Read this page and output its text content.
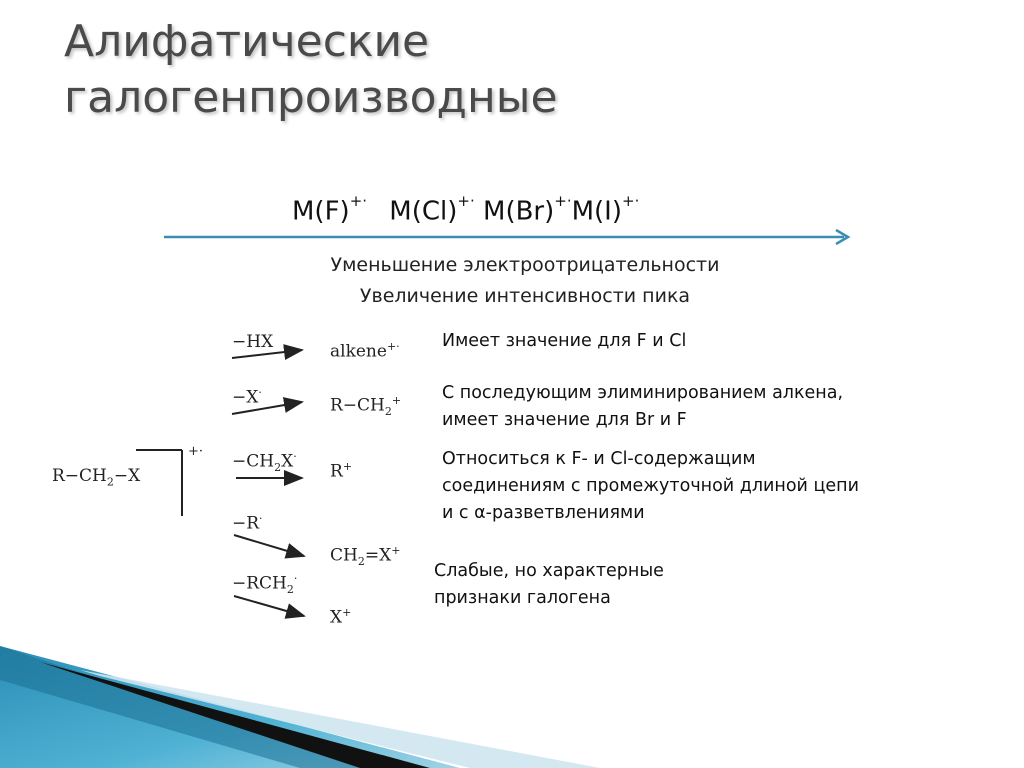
Алифатические
галогенпроизводные
M(F)+· M(Cl)+· M(Br)+·M(I)+·
Уменьшение электроотрицательности
Увеличение интенсивности пика
$R-CH_2-X$
+·
−HX
−X·
$-CH_2X^\cdot$
−R·
$-RCH_2^\cdot$
alkene+·
$R-CH_2^+$
R+
$CH_2=X^+$
X+
Имеет значение для F и Cl
С последующим элиминированием алкена,
имеет значение для Br и F
Относиться к F- и Cl-содержащим
соединениям с промежуточной длиной цепи
и с α-разветвлениями
Слабые, но характерные
признаки галогена
